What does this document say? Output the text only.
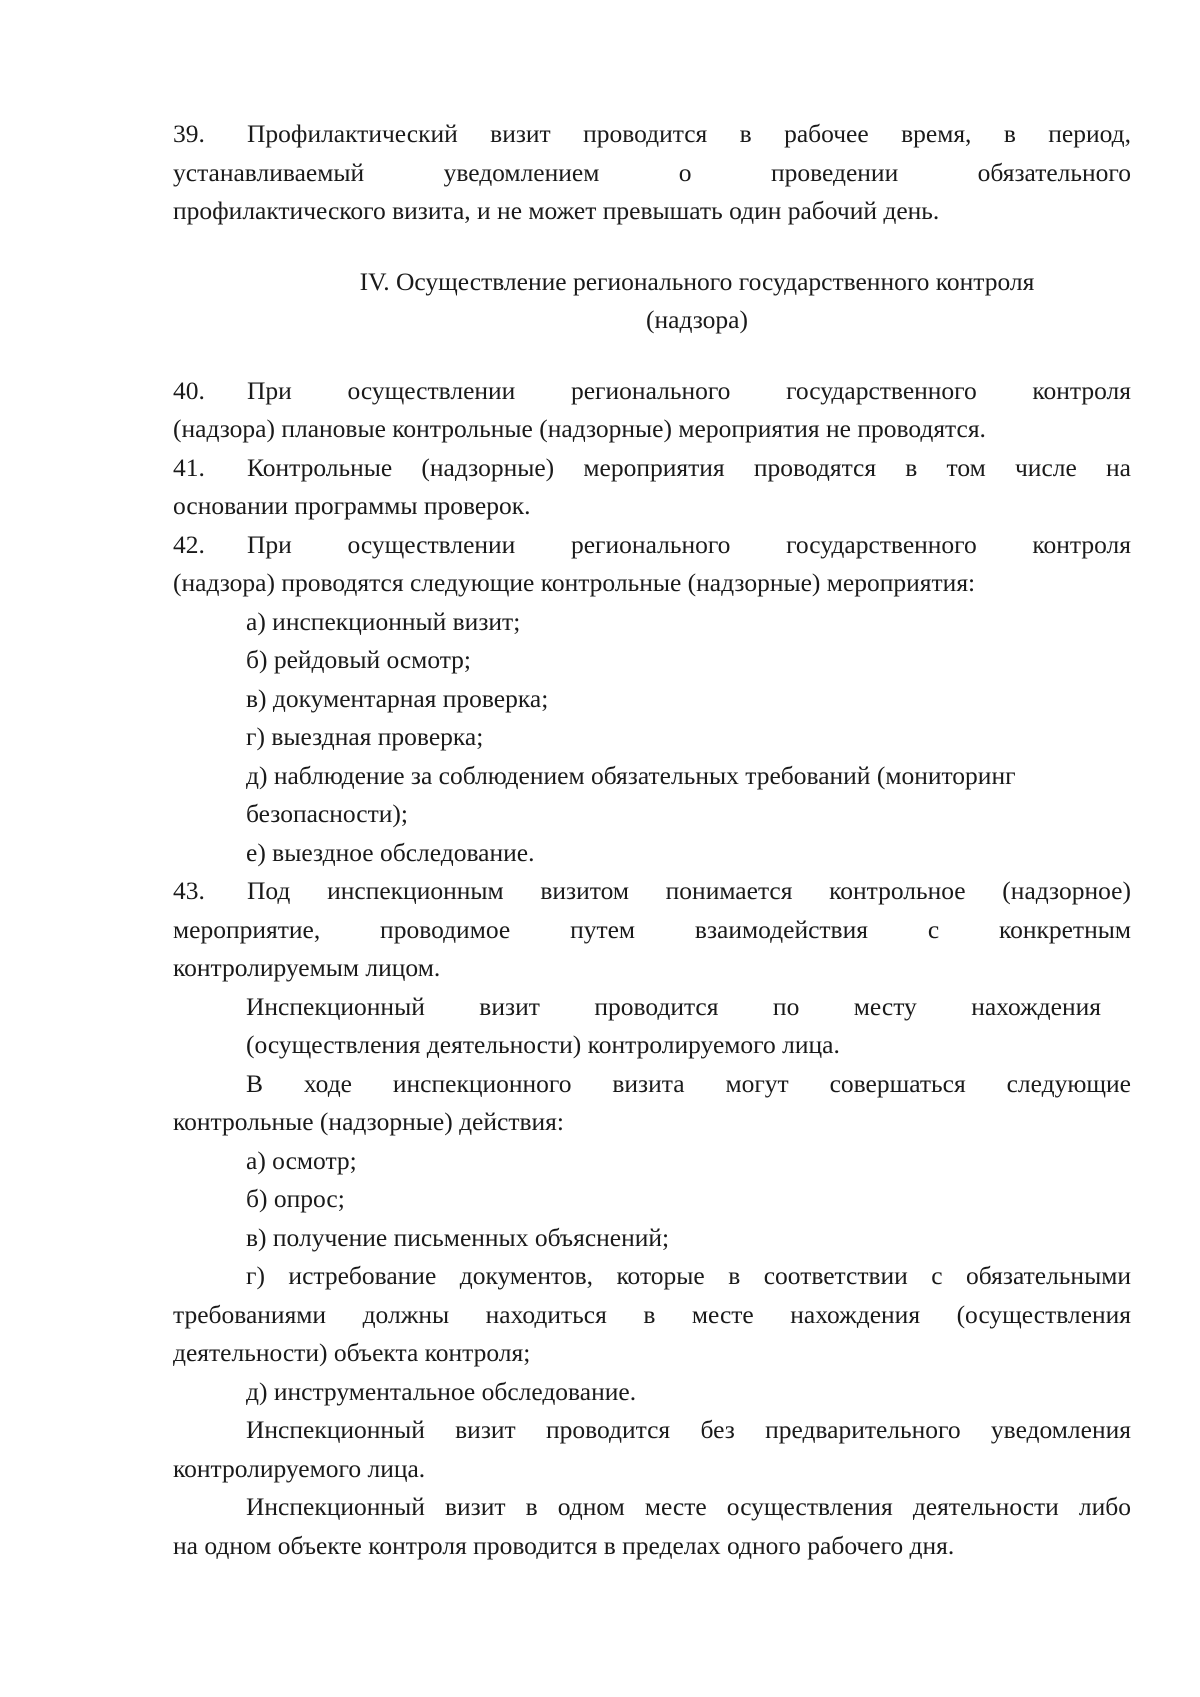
39.	Профилактический визит проводится в рабочее время, в период,
устанавливаемый уведомлением о проведении обязательного
профилактического визита, и не может превышать один рабочий день.
IV. Осуществление регионального государственного контроля
(надзора)
40.	При осуществлении регионального государственного контроля
(надзора) плановые контрольные (надзорные) мероприятия не проводятся.
41.	Контрольные (надзорные) мероприятия проводятся в том числе на
основании программы проверок.
42.	При осуществлении регионального государственного контроля
(надзора) проводятся следующие контрольные (надзорные) мероприятия:
а) инспекционный визит;
б) рейдовый осмотр;
в) документарная проверка;
г) выездная проверка;
д) наблюдение за соблюдением обязательных требований (мониторинг
безопасности);
е) выездное обследование.
43.	Под инспекционным визитом понимается контрольное (надзорное)
мероприятие, проводимое путем взаимодействия с конкретным
контролируемым лицом.
Инспекционный визит проводится по месту нахождения
(осуществления деятельности) контролируемого лица.
В ходе инспекционного визита могут совершаться следующие
контрольные (надзорные) действия:
а) осмотр;
б) опрос;
в) получение письменных объяснений;
г) истребование документов, которые в соответствии с обязательными
требованиями должны находиться в месте нахождения (осуществления
деятельности) объекта контроля;
д) инструментальное обследование.
Инспекционный визит проводится без предварительного уведомления
контролируемого лица.
Инспекционный визит в одном месте осуществления деятельности либо
на одном объекте контроля проводится в пределах одного рабочего дня.
